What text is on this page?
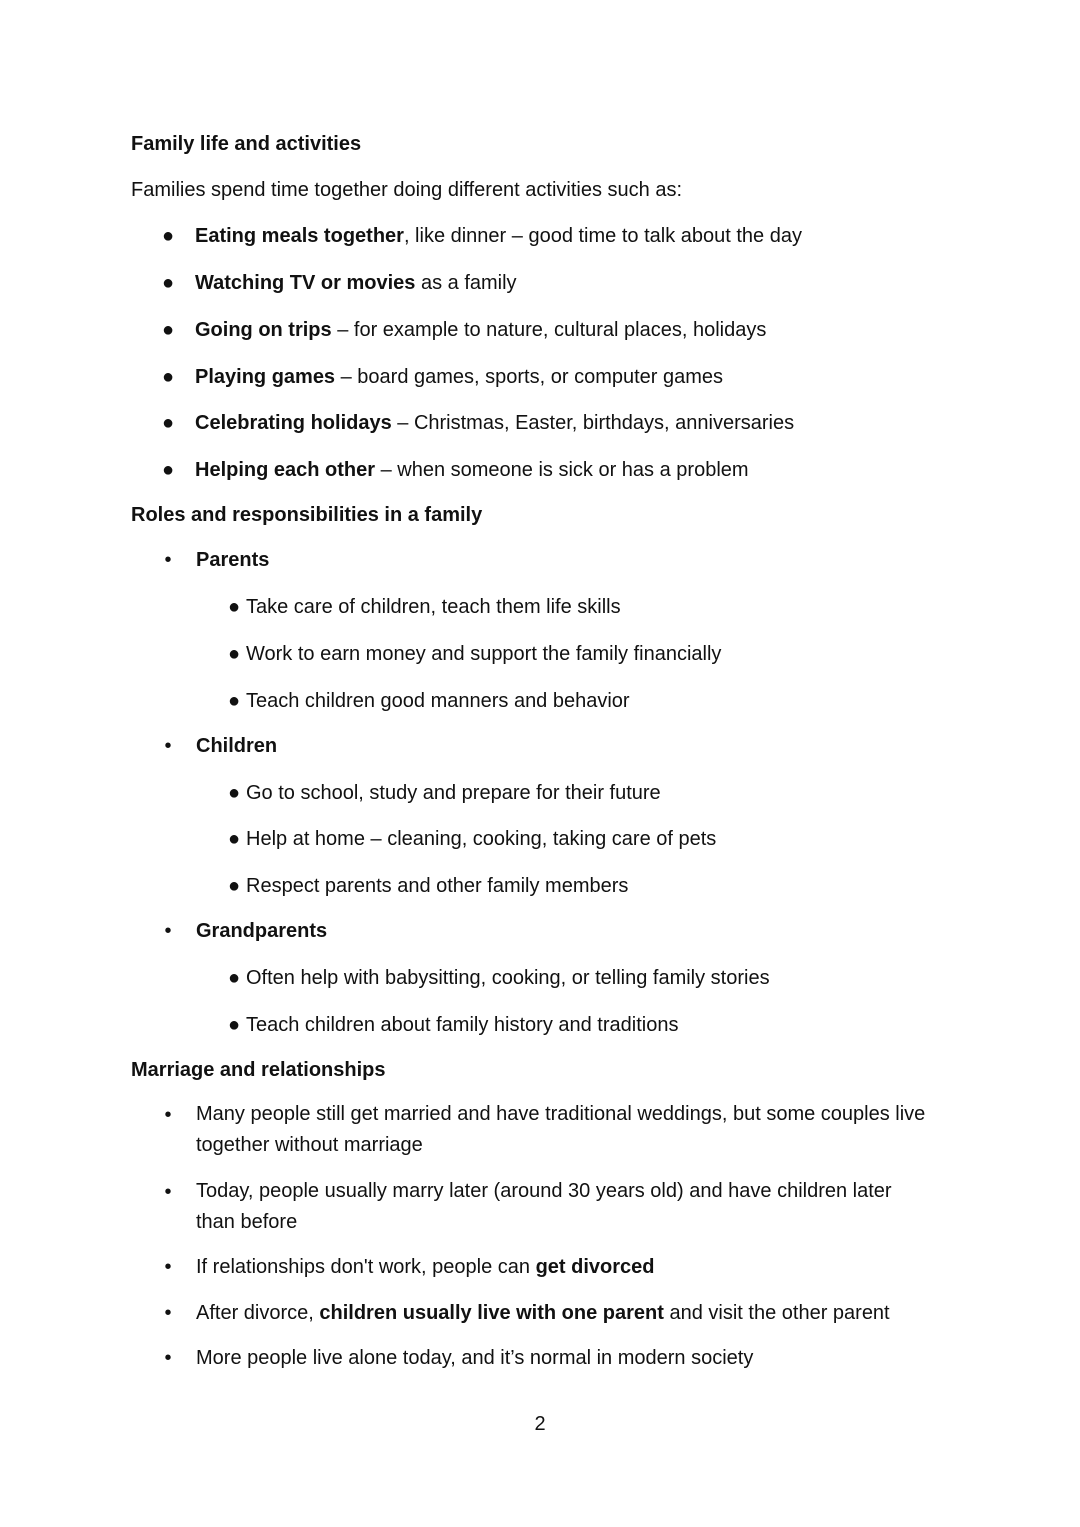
Family life and activities
Families spend time together doing different activities such as:
● Eating meals together, like dinner – good time to talk about the day
● Watching TV or movies as a family
● Going on trips – for example to nature, cultural places, holidays
● Playing games – board games, sports, or computer games
● Celebrating holidays – Christmas, Easter, birthdays, anniversaries
● Helping each other – when someone is sick or has a problem
Roles and responsibilities in a family
• Parents
● Take care of children, teach them life skills
● Work to earn money and support the family financially
● Teach children good manners and behavior
• Children
● Go to school, study and prepare for their future
● Help at home – cleaning, cooking, taking care of pets
● Respect parents and other family members
• Grandparents
● Often help with babysitting, cooking, or telling family stories
● Teach children about family history and traditions
Marriage and relationships
• Many people still get married and have traditional weddings, but some couples live together without marriage
• Today, people usually marry later (around 30 years old) and have children later than before
• If relationships don't work, people can get divorced
• After divorce, children usually live with one parent and visit the other parent
• More people live alone today, and it’s normal in modern society
2
